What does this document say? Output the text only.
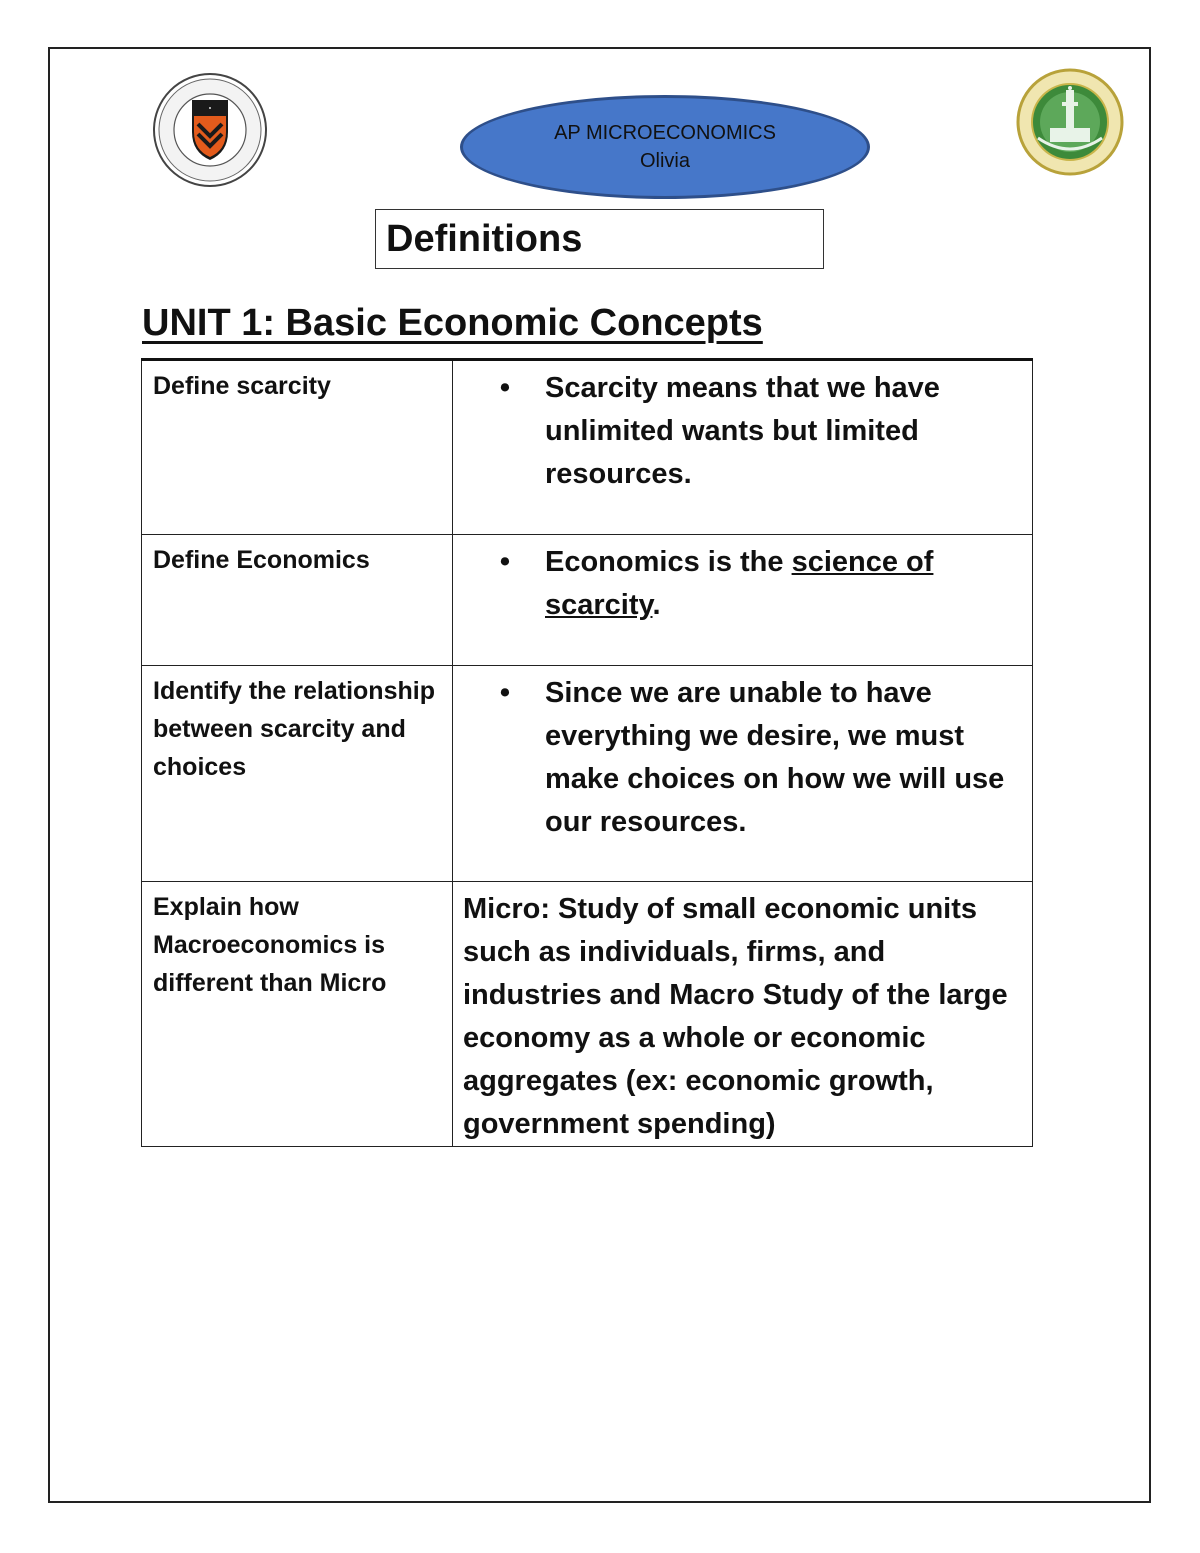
AP MICROECONOMICS
Olivia
Definitions
UNIT 1: Basic Economic Concepts
Define scarcity	• Scarcity means that we have unlimited wants but limited resources.

Define Economics	• Economics is the science of scarcity.

Identify the relationship between scarcity and choices	• Since we are unable to have everything we desire, we must make choices on how we will use our resources.

Explain how Macroeconomics is different than Micro	Micro: Study of small economic units such as individuals, firms, and industries and Macro Study of the large economy as a whole or economic aggregates (ex: economic growth, government spending)
